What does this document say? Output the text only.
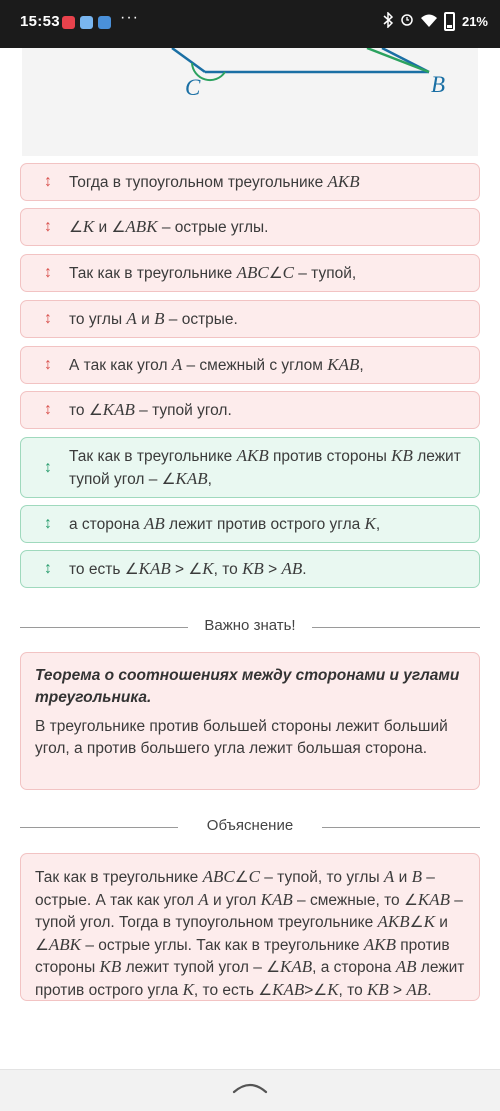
15:53	···	21%
C	B
↕ Тогда в тупоугольном треугольнике AKB
↕ ∠K и ∠ABK – острые углы.
↕ Так как в треугольнике ABC∠C – тупой,
↕ то углы A и B – острые.
↕ А так как угол A – смежный с углом KAB,
↕ то ∠KAB – тупой угол.
↕
Так как в треугольнике AKB против стороны KB лежит тупой угол – ∠KAB,
↕ а сторона AB лежит против острого угла K,
↕ то есть ∠KAB > ∠K, то KB > AB.
Важно знать!
Теорема о соотношениях между сторонами и углами треугольника.
В треугольнике против большей стороны лежит больший угол, а против большего угла лежит большая сторона.
Объяснение
Так как в треугольнике ABC∠C – тупой, то углы A и B – острые. А так как угол A и угол KAB – смежные, то ∠KAB – тупой угол. Тогда в тупоугольном треугольнике AKB∠K и ∠ABK – острые углы. Так как в треугольнике AKB против стороны KB лежит тупой угол – ∠KAB, а сторона AB лежит против острого угла K, то есть ∠KAB>∠K, то KB > AB.
